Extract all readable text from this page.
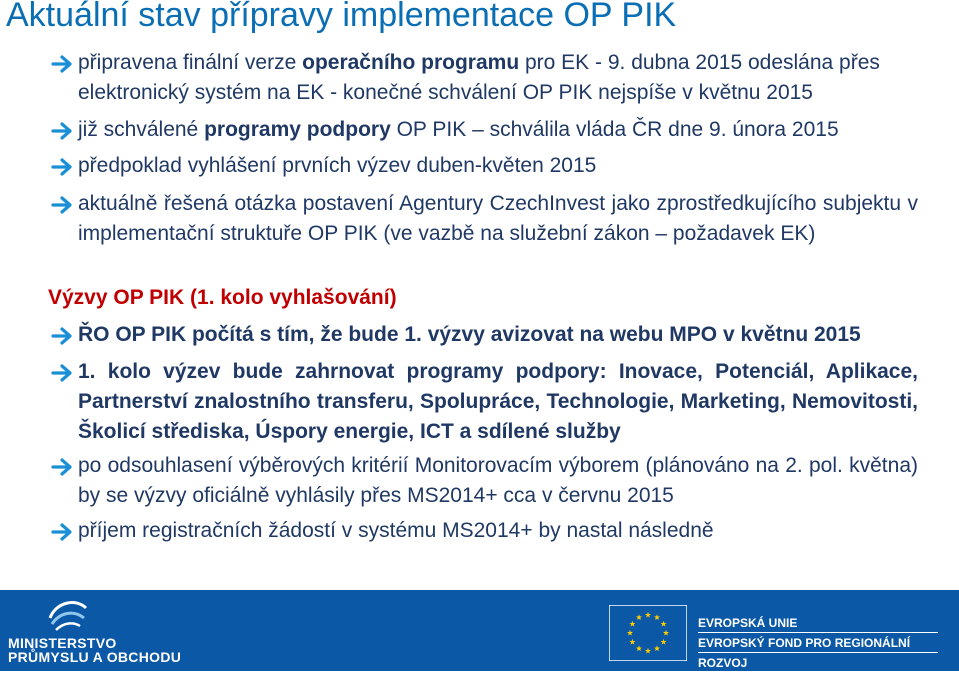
Aktuální stav přípravy implementace OP PIK
připravena finální verze operačního programu pro EK - 9. dubna 2015 odeslána přes elektronický systém na EK - konečné schválení OP PIK nejspíše v květnu 2015
již schválené programy podpory OP PIK – schválila vláda ČR dne 9. února 2015
předpoklad vyhlášení prvních výzev duben-květen 2015
aktuálně řešená otázka postavení Agentury CzechInvest jako zprostředkujícího subjektu v implementační struktuře OP PIK (ve vazbě na služební zákon – požadavek EK)
Výzvy OP PIK (1. kolo vyhlašování)
ŘO OP PIK počítá s tím, že bude 1. výzvy avizovat na webu MPO v květnu 2015
1. kolo výzev bude zahrnovat programy podpory: Inovace, Potenciál, Aplikace, Partnerství znalostního transferu, Spolupráce, Technologie, Marketing, Nemovitosti, Školicí střediska, Úspory energie, ICT a sdílené služby
po odsouhlasení výběrových kritérií Monitorovacím výborem (plánováno na 2. pol. května) by se výzvy oficiálně vyhlásily přes MS2014+ cca v červnu 2015
příjem registračních žádostí v systému MS2014+ by nastal následně
MINISTERSTVO
PRŮMYSLU A OBCHODU
EVROPSKÁ UNIE
EVROPSKÝ FOND PRO REGIONÁLNÍ ROZVOJ
INVESTICE DO VAŠÍ BUDOUCNOSTI
